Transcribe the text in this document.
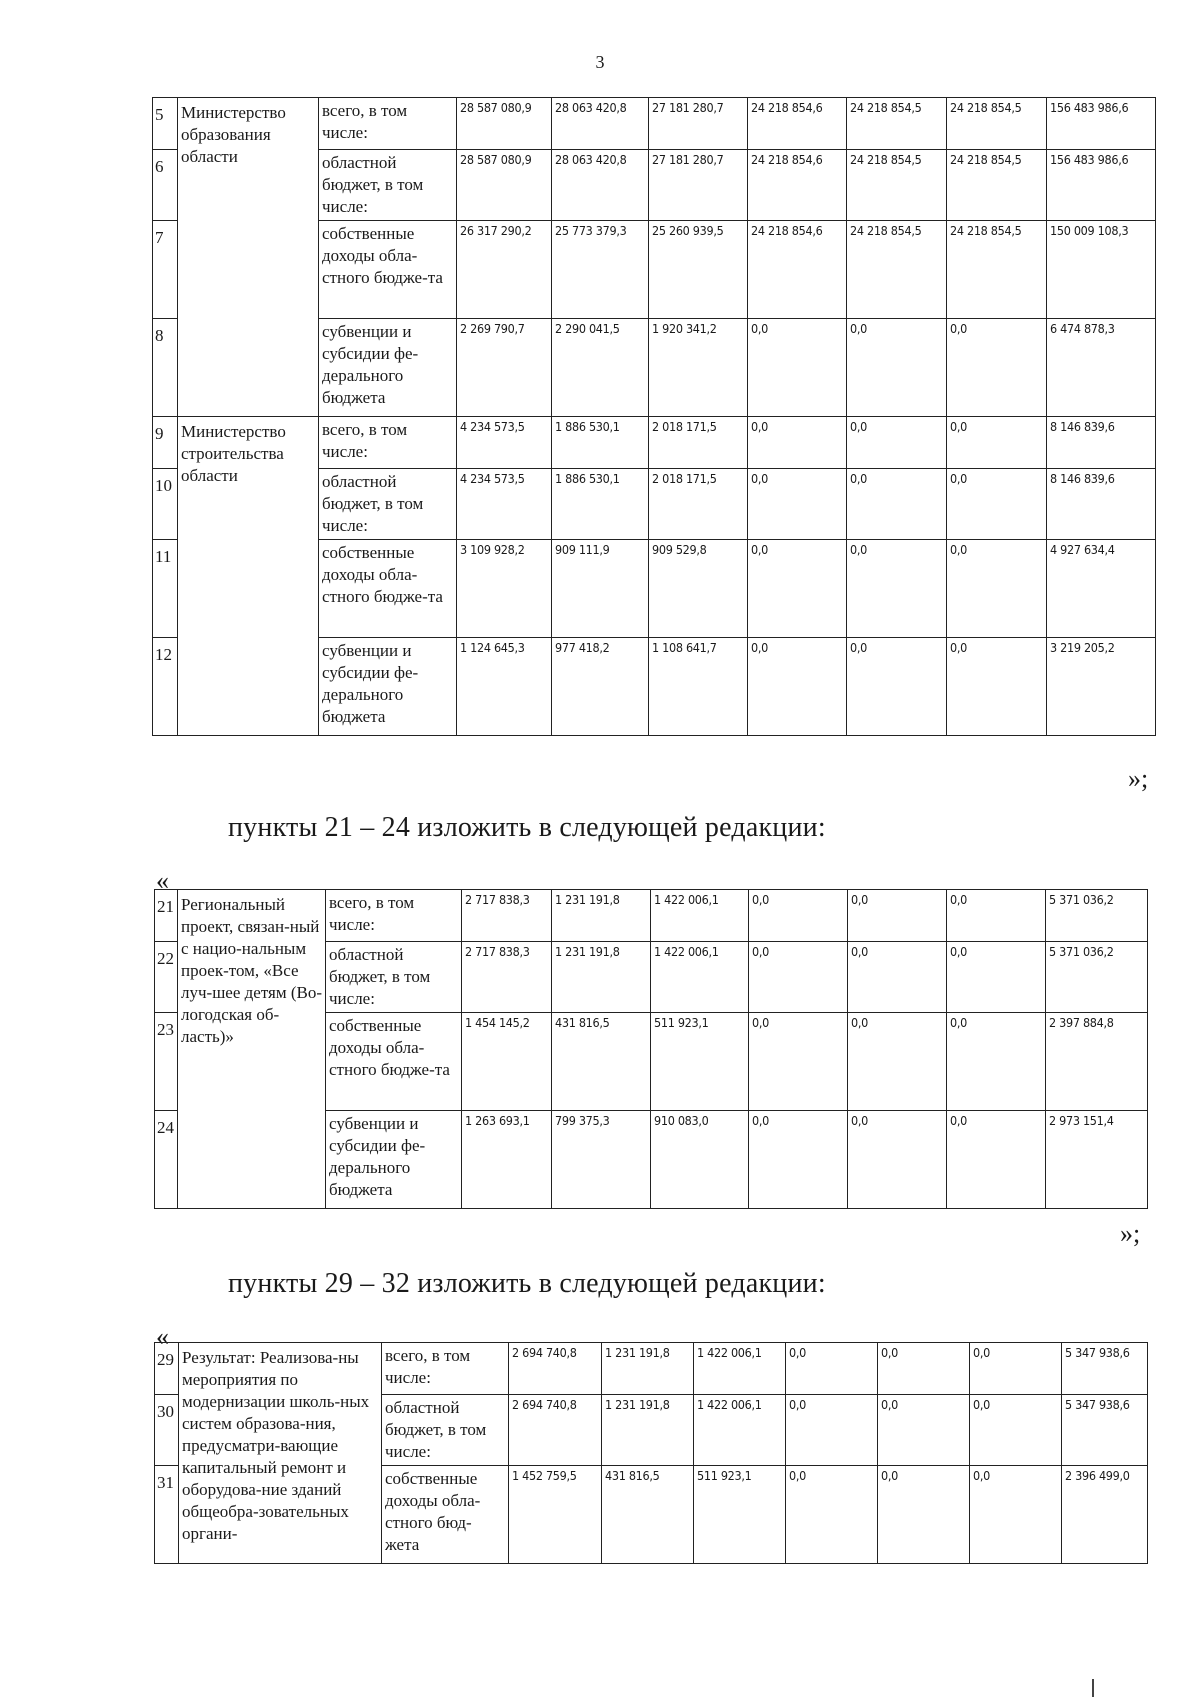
3
5	Министерство образования области	всего, в том числе:	28 587 080,9	28 063 420,8	27 181 280,7	24 218 854,6	24 218 854,5	24 218 854,5	156 483 986,6
6		областной бюджет, в том числе:	28 587 080,9	28 063 420,8	27 181 280,7	24 218 854,6	24 218 854,5	24 218 854,5	156 483 986,6
7		собственные доходы обла-стного бюдже-та	26 317 290,2	25 773 379,3	25 260 939,5	24 218 854,6	24 218 854,5	24 218 854,5	150 009 108,3
8		субвенции и субсидии фе-дерального бюджета	2 269 790,7	2 290 041,5	1 920 341,2	0,0	0,0	0,0	6 474 878,3
9	Министерство строительства области	всего, в том числе:	4 234 573,5	1 886 530,1	2 018 171,5	0,0	0,0	0,0	8 146 839,6
10		областной бюджет, в том числе:	4 234 573,5	1 886 530,1	2 018 171,5	0,0	0,0	0,0	8 146 839,6
11		собственные доходы обла-стного бюдже-та	3 109 928,2	909 111,9	909 529,8	0,0	0,0	0,0	4 927 634,4
12		субвенции и субсидии фе-дерального бюджета	1 124 645,3	977 418,2	1 108 641,7	0,0	0,0	0,0	3 219 205,2
»;
пункты 21 – 24 изложить в следующей редакции:
«
21	Региональный проект, связан-ный с нацио-нальным проек-том, «Все луч-шее детям (Во-логодская об-ласть)»	всего, в том числе:	2 717 838,3	1 231 191,8	1 422 006,1	0,0	0,0	0,0	5 371 036,2
22		областной бюджет, в том числе:	2 717 838,3	1 231 191,8	1 422 006,1	0,0	0,0	0,0	5 371 036,2
23		собственные доходы обла-стного бюдже-та	1 454 145,2	431 816,5	511 923,1	0,0	0,0	0,0	2 397 884,8
24		субвенции и субсидии фе-дерального бюджета	1 263 693,1	799 375,3	910 083,0	0,0	0,0	0,0	2 973 151,4
»;
пункты 29 – 32 изложить в следующей редакции:
«
29	Результат: Реализова-ны мероприятия по модернизации школь-ных систем образова-ния, предусматри-вающие капитальный ремонт и оборудова-ние зданий общеобра-зовательных органи-	всего, в том числе:	2 694 740,8	1 231 191,8	1 422 006,1	0,0	0,0	0,0	5 347 938,6
30		областной бюджет, в том числе:	2 694 740,8	1 231 191,8	1 422 006,1	0,0	0,0	0,0	5 347 938,6
31		собственные доходы обла-стного бюд-жета	1 452 759,5	431 816,5	511 923,1	0,0	0,0	0,0	2 396 499,0
